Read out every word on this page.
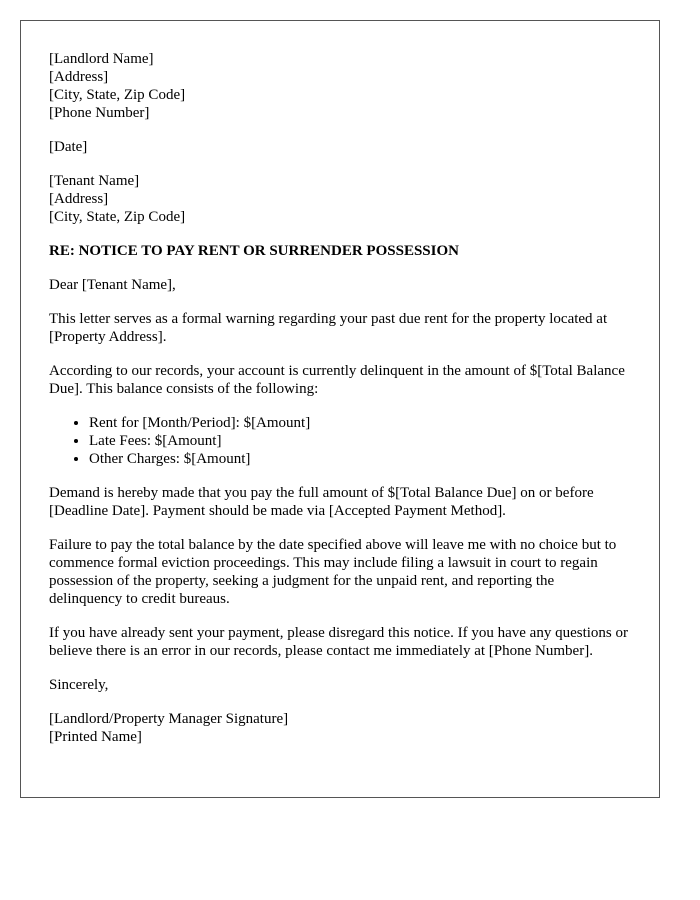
[Landlord Name]
[Address]
[City, State, Zip Code]
[Phone Number]
[Date]
[Tenant Name]
[Address]
[City, State, Zip Code]
RE: NOTICE TO PAY RENT OR SURRENDER POSSESSION

Dear [Tenant Name],

This letter serves as a formal warning regarding your past due rent for the property located at [Property Address].

According to our records, your account is currently delinquent in the amount of $[Total Balance Due]. This balance consists of the following:

• Rent for [Month/Period]: $[Amount]
• Late Fees: $[Amount]
• Other Charges: $[Amount]

Demand is hereby made that you pay the full amount of $[Total Balance Due] on or before [Deadline Date]. Payment should be made via [Accepted Payment Method].

Failure to pay the total balance by the date specified above will leave me with no choice but to commence formal eviction proceedings. This may include filing a lawsuit in court to regain possession of the property, seeking a judgment for the unpaid rent, and reporting the delinquency to credit bureaus.

If you have already sent your payment, please disregard this notice. If you have any questions or believe there is an error in our records, please contact me immediately at [Phone Number].

Sincerely,

[Landlord/Property Manager Signature]
[Printed Name]
